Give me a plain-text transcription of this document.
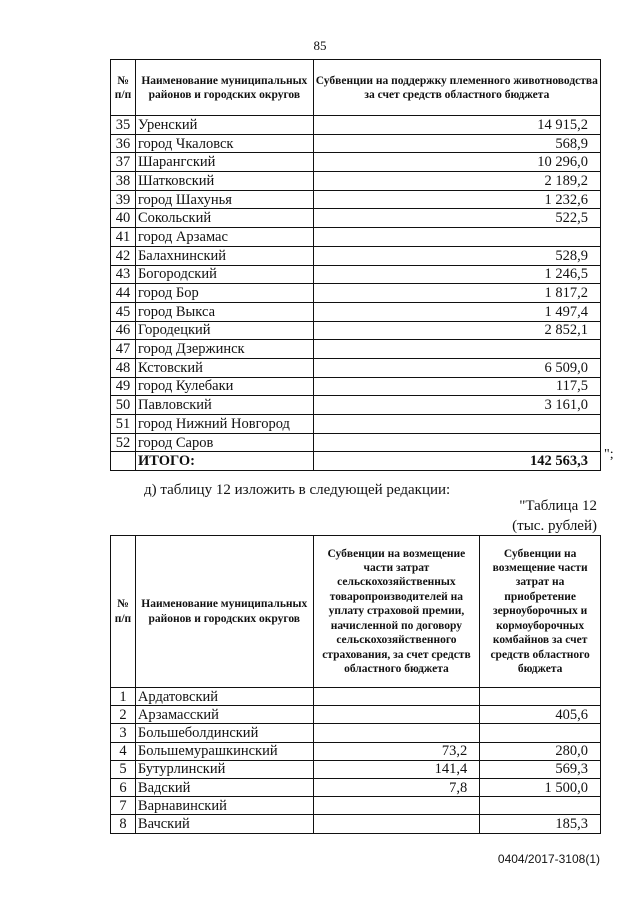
85
№ п/п	Наименование муниципальных районов и городских округов	Субвенции на поддержку племенного животноводства за счет средств областного бюджета
35	Уренский	14 915,2
36	город Чкаловск	568,9
37	Шарангский	10 296,0
38	Шатковский	2 189,2
39	город Шахунья	1 232,6
40	Сокольский	522,5
41	город Арзамас	
42	Балахнинский	528,9
43	Богородский	1 246,5
44	город Бор	1 817,2
45	город Выкса	1 497,4
46	Городецкий	2 852,1
47	город Дзержинск	
48	Кстовский	6 509,0
49	город Кулебаки	117,5
50	Павловский	3 161,0
51	город Нижний Новгород	
52	город Саров	
	ИТОГО:	142 563,3 ";
д) таблицу 12 изложить в следующей редакции:
"Таблица 12
(тыс. рублей)
№ п/п	Наименование муниципальных районов и городских округов	Субвенции на возмещение части затрат сельскохозяйственных товаропроизводителей на уплату страховой премии, начисленной по договору сельскохозяйственного страхования, за счет средств областного бюджета	Субвенции на возмещение части затрат на приобретение зерноуборочных и кормоуборочных комбайнов за счет средств областного бюджета
1	Ардатовский		
2	Арзамасский		405,6
3	Большеболдинский		
4	Большемурашкинский	73,2	280,0
5	Бутурлинский	141,4	569,3
6	Вадский	7,8	1 500,0
7	Варнавинский		
8	Вачский		185,3
0404/2017-3108(1)
